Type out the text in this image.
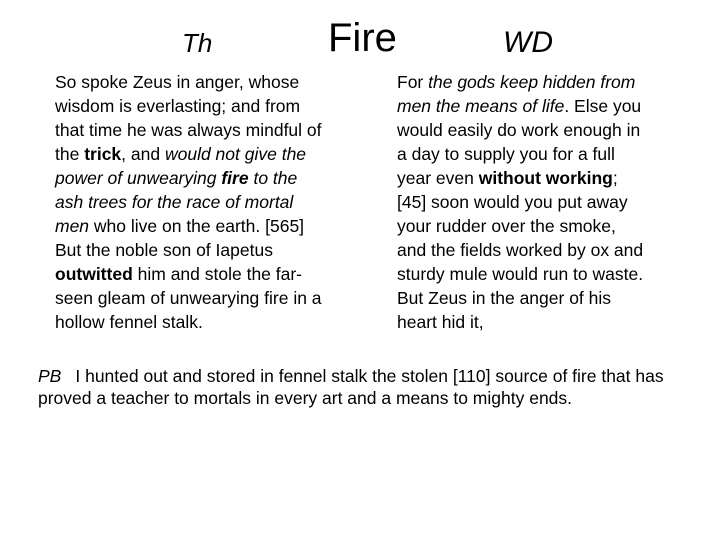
Th	Fire	WD
So spoke Zeus in anger, whose
wisdom is everlasting; and from
that time he was always mindful of
the trick, and would not give the
power of unwearying fire to the
ash trees for the race of mortal
men who live on the earth. [565]
But the noble son of Iapetus
outwitted him and stole the far-
seen gleam of unwearying fire in a
hollow fennel stalk.
For the gods keep hidden from
men the means of life. Else you
would easily do work enough in
a day to supply you for a full
year even without working;
[45] soon would you put away
your rudder over the smoke,
and the fields worked by ox and
sturdy mule would run to waste.
But Zeus in the anger of his
heart hid it,
PB I hunted out and stored in fennel stalk the stolen [110] source of fire that has
proved a teacher to mortals in every art and a means to mighty ends.
